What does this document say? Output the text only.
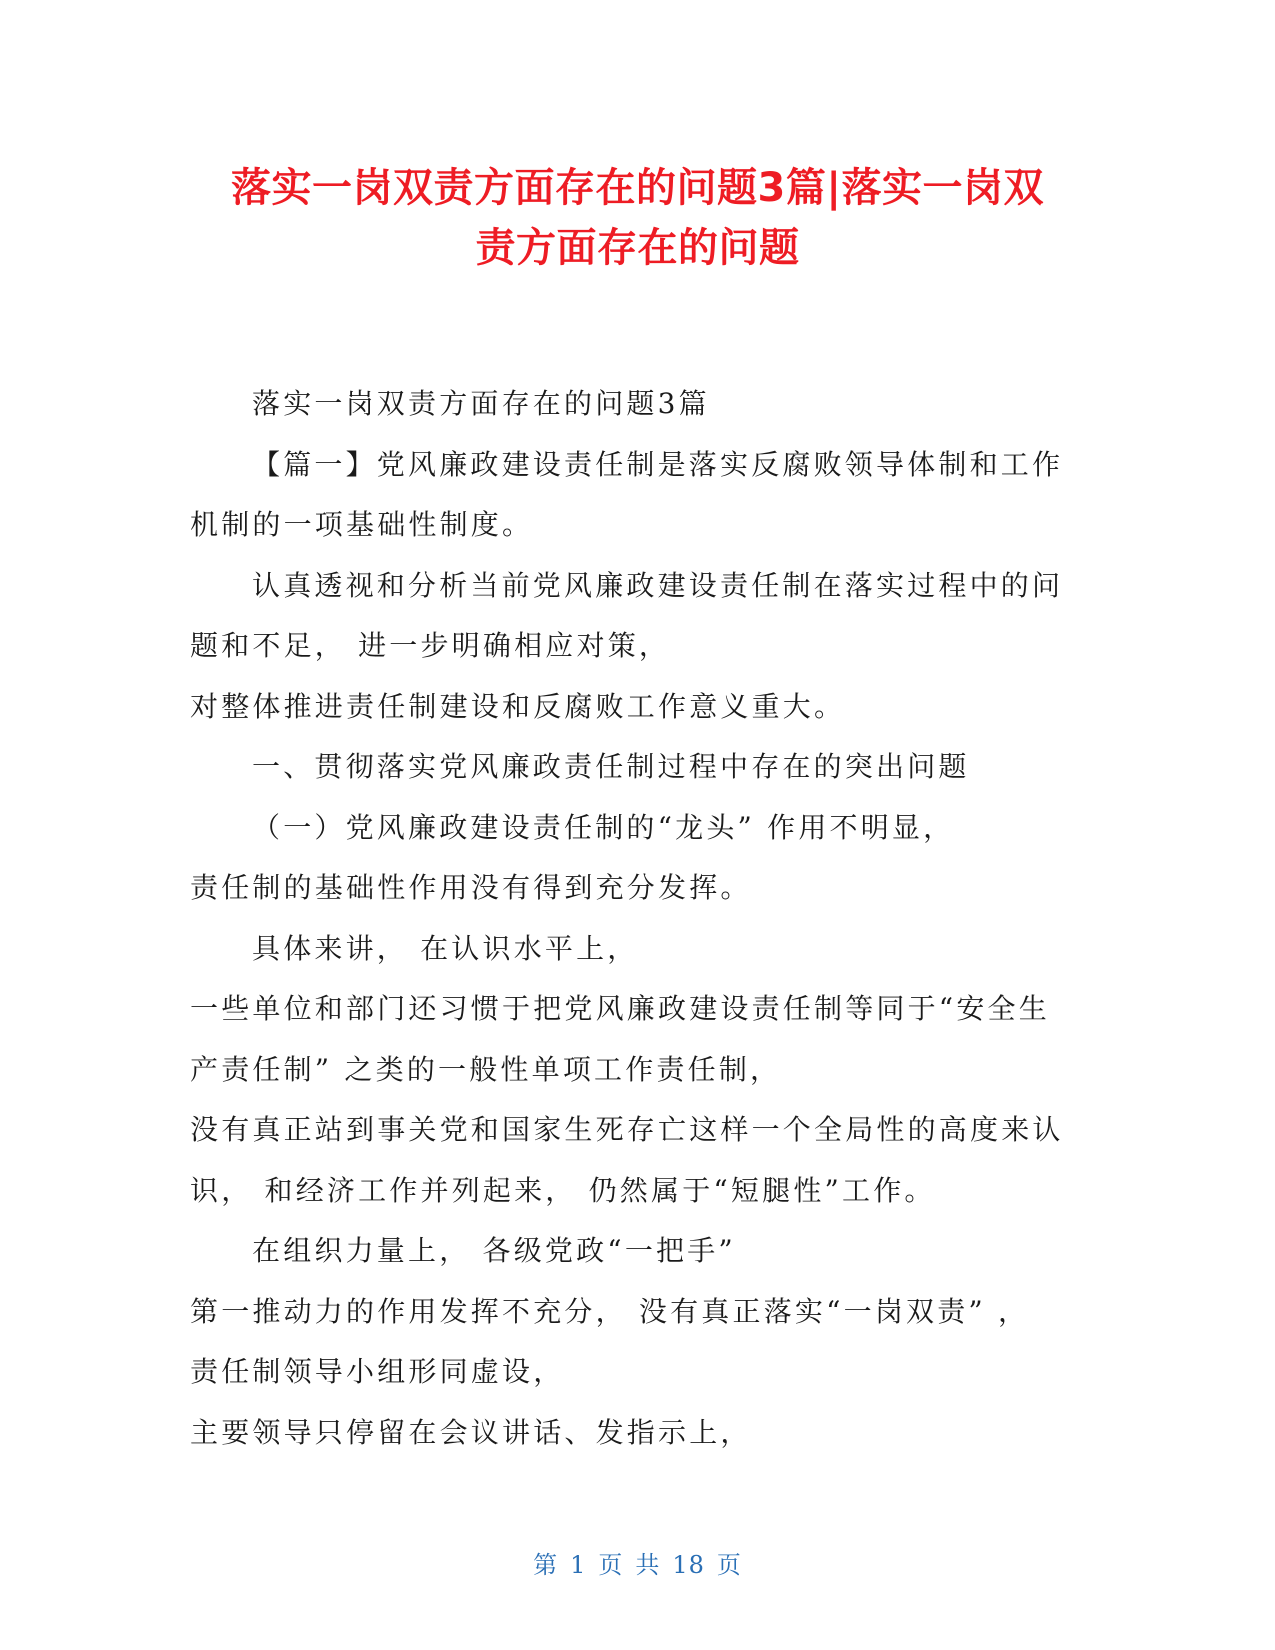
落实一岗双责方面存在的问题3篇|落实一岗双
责方面存在的问题
落实一岗双责方面存在的问题3篇
【篇一】党风廉政建设责任制是落实反腐败领导体制和工作
机制的一项基础性制度。
认真透视和分析当前党风廉政建设责任制在落实过程中的问
题和不足， 进一步明确相应对策，
对整体推进责任制建设和反腐败工作意义重大。
一、贯彻落实党风廉政责任制过程中存在的突出问题
（一）党风廉政建设责任制的“龙头” 作用不明显，
责任制的基础性作用没有得到充分发挥。
具体来讲， 在认识水平上，
一些单位和部门还习惯于把党风廉政建设责任制等同于“安全生
产责任制” 之类的一般性单项工作责任制，
没有真正站到事关党和国家生死存亡这样一个全局性的高度来认
识， 和经济工作并列起来， 仍然属于“短腿性”工作。
在组织力量上， 各级党政“一把手”
第一推动力的作用发挥不充分， 没有真正落实“一岗双责” ，
责任制领导小组形同虚设，
主要领导只停留在会议讲话、发指示上，
第 1 页 共 18 页
